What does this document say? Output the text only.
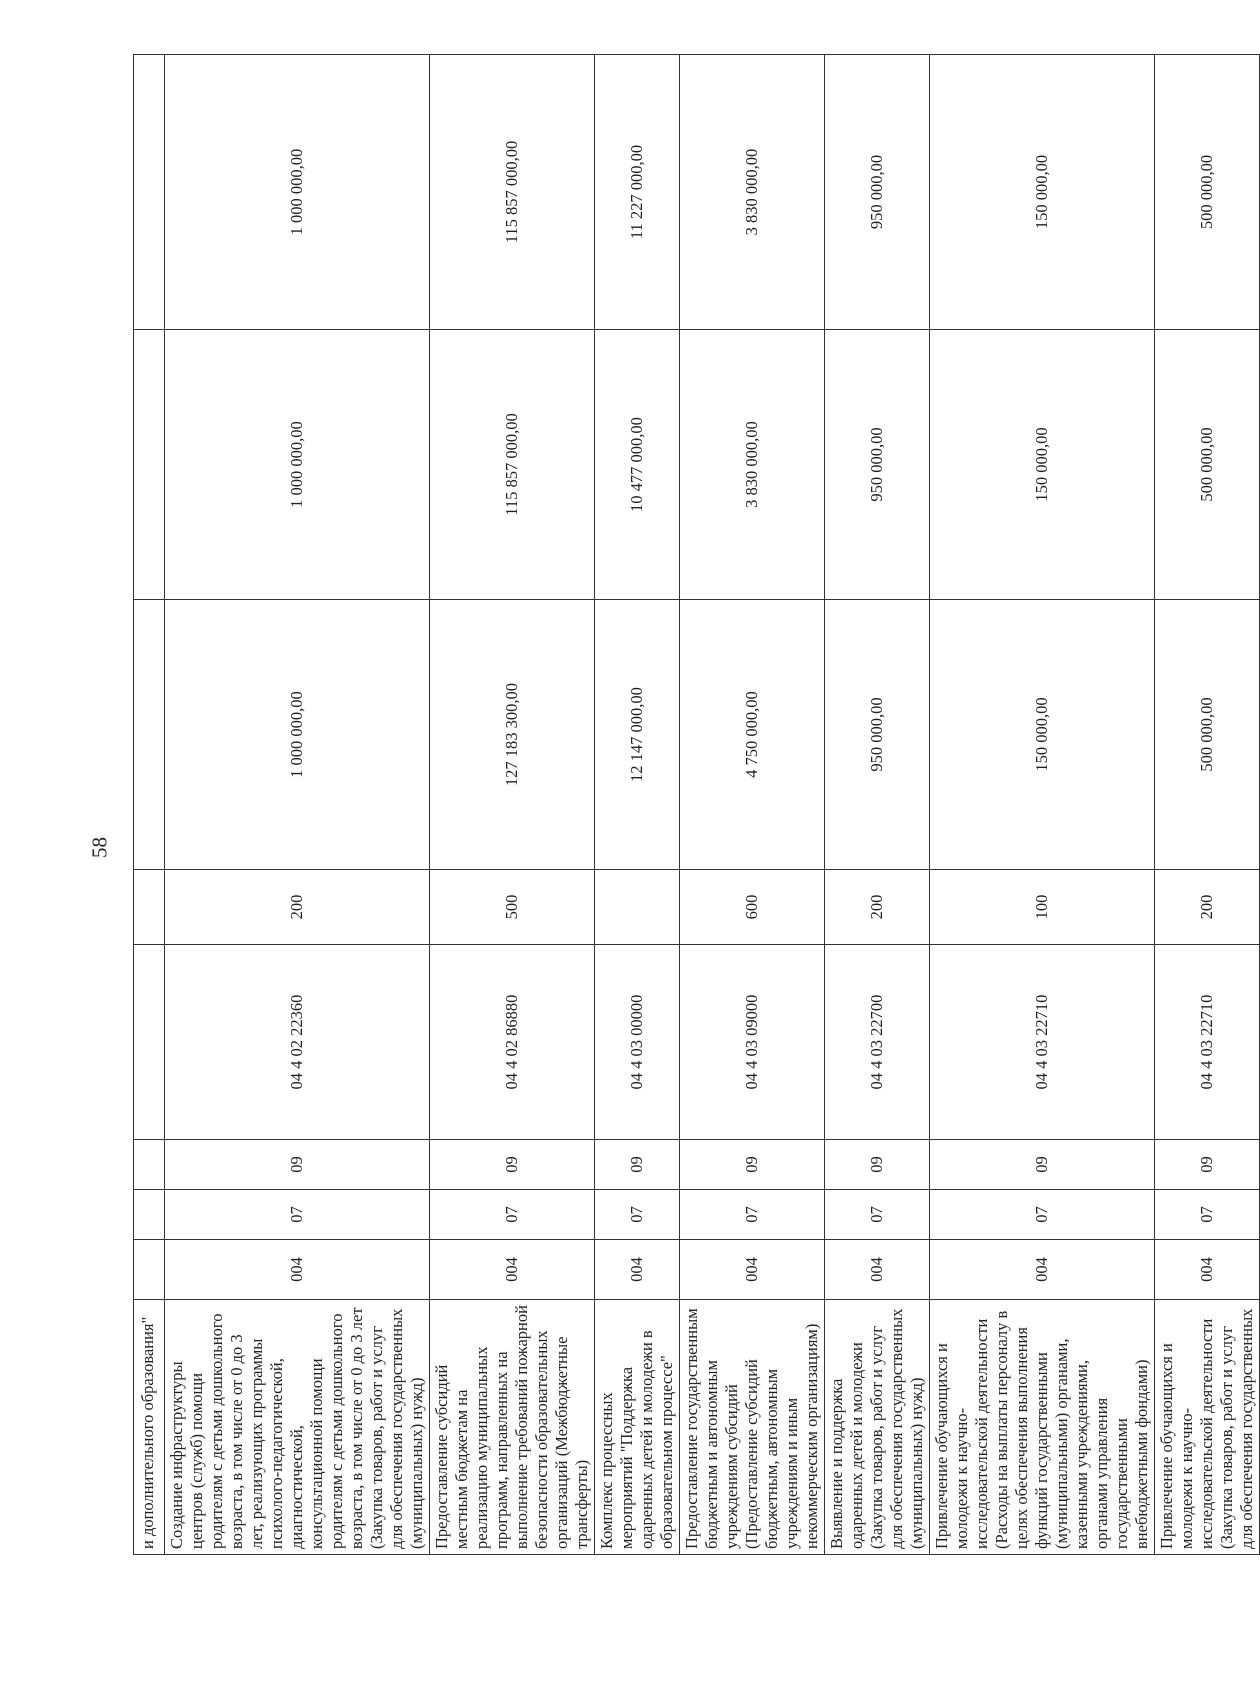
58
и дополнительного образования"								
Создание инфраструктуры центров (служб) помощи родителям с детьми дошкольного возраста, в том числе от 0 до 3 лет, реализующих программы психолого-педагогической, диагностической, консультационной помощи родителям с детьми дошкольного возраста, в том числе от 0 до 3 лет (Закупка товаров, работ и услуг для обеспечения государственных (муниципальных) нужд)	004	07	09	04 4 02 22360	200	1 000 000,00	1 000 000,00	1 000 000,00
Предоставление субсидий местным бюджетам на реализацию муниципальных программ, направленных на выполнение требований пожарной безопасности образовательных организаций (Межбюджетные трансферты)	004	07	09	04 4 02 86880	500	127 183 300,00	115 857 000,00	115 857 000,00
Комплекс процессных мероприятий "Поддержка одаренных детей и молодежи в образовательном процессе"	004	07	09	04 4 03 00000		12 147 000,00	10 477 000,00	11 227 000,00
Предоставление государственным бюджетным и автономным учреждениям субсидий (Предоставление субсидий бюджетным, автономным учреждениям и иным некоммерческим организациям)	004	07	09	04 4 03 09000	600	4 750 000,00	3 830 000,00	3 830 000,00
Выявление и поддержка одаренных детей и молодежи (Закупка товаров, работ и услуг для обеспечения государственных (муниципальных) нужд)	004	07	09	04 4 03 22700	200	950 000,00	950 000,00	950 000,00
Привлечение обучающихся и молодежи к научно-исследовательской деятельности (Расходы на выплаты персоналу в целях обеспечения выполнения функций государственными (муниципальными) органами, казенными учреждениями, органами управления государственными внебюджетными фондами)	004	07	09	04 4 03 22710	100	150 000,00	150 000,00	150 000,00
Привлечение обучающихся и молодежи к научно-исследовательской деятельности (Закупка товаров, работ и услуг для обеспечения государственных	004	07	09	04 4 03 22710	200	500 000,00	500 000,00	500 000,00
